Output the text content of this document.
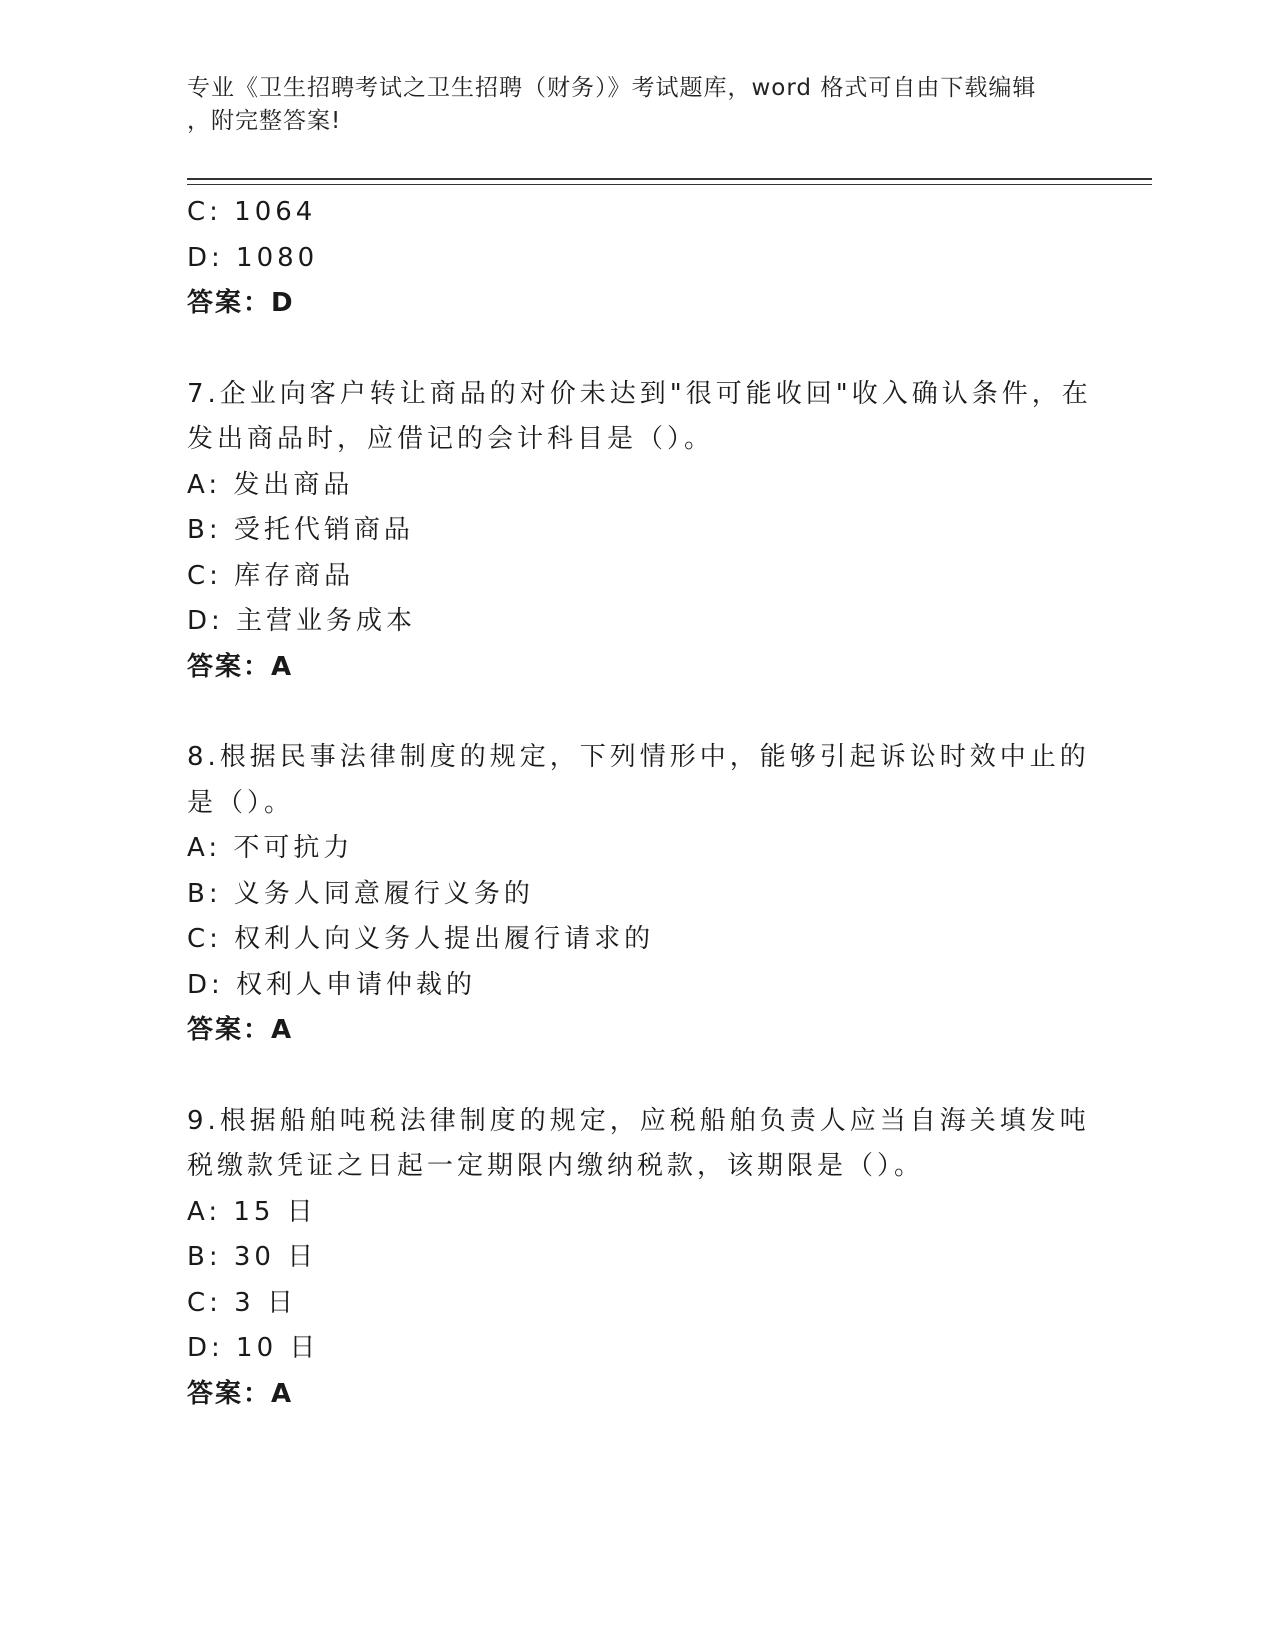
专业《卫生招聘考试之卫生招聘（财务）》考试题库，word 格式可自由下载编辑
，附完整答案!
C: 1064
D: 1080
答案：D
7.企业向客户转让商品的对价未达到"很可能收回"收入确认条件，在
发出商品时，应借记的会计科目是（）。
A: 发出商品
B: 受托代销商品
C: 库存商品
D: 主营业务成本
答案：A
8.根据民事法律制度的规定，下列情形中，能够引起诉讼时效中止的
是（）。
A: 不可抗力
B: 义务人同意履行义务的
C: 权利人向义务人提出履行请求的
D: 权利人申请仲裁的
答案：A
9.根据船舶吨税法律制度的规定，应税船舶负责人应当自海关填发吨
税缴款凭证之日起一定期限内缴纳税款，该期限是（）。
A: 15 日
B: 30 日
C: 3 日
D: 10 日
答案：A
